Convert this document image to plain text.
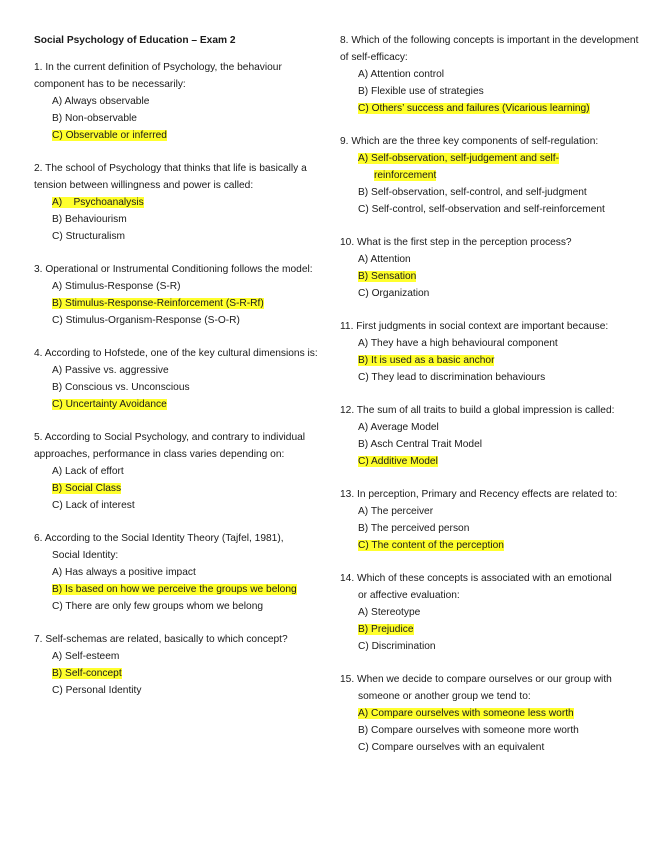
Social Psychology of Education – Exam 2
1. In the current definition of Psychology, the behaviour component has to be necessarily:
A) Always observable
B) Non-observable
C) Observable or inferred
2. The school of Psychology that thinks that life is basically a tension between willingness and power is called:
A)    Psychoanalysis
B) Behaviourism
C) Structuralism
3. Operational or Instrumental Conditioning follows the model:
A) Stimulus-Response (S-R)
B) Stimulus-Response-Reinforcement (S-R-Rf)
C) Stimulus-Organism-Response (S-O-R)
4. According to Hofstede, one of the key cultural dimensions is:
A) Passive vs. aggressive
B) Conscious vs. Unconscious
C) Uncertainty Avoidance
5. According to Social Psychology, and contrary to individual approaches, performance in class varies depending on:
A) Lack of effort
B) Social Class
C) Lack of interest
6. According to the Social Identity Theory (Tajfel, 1981),
Social Identity:
A) Has always a positive impact
B) Is based on how we perceive the groups we belong
C) There are only few groups whom we belong
7. Self-schemas are related, basically to which concept?
A) Self-esteem
B) Self-concept
C) Personal Identity
8. Which of the following concepts is important in the development of self-efficacy:
A) Attention control
B) Flexible use of strategies
C) Others’ success and failures (Vicarious learning)
9. Which are the three key components of self-regulation:
A) Self-observation, self-judgement and self-
reinforcement
B) Self-observation, self-control, and self-judgment
C) Self-control, self-observation and self-reinforcement
10. What is the first step in the perception process?
A) Attention
B) Sensation
C) Organization
11. First judgments in social context are important because:
A) They have a high behavioural component
B) It is used as a basic anchor
C) They lead to discrimination behaviours
12. The sum of all traits to build a global impression is called:
A) Average Model
B) Asch Central Trait Model
C) Additive Model
13. In perception, Primary and Recency effects are related to:
A) The perceiver
B) The perceived person
C) The content of the perception
14. Which of these concepts is associated with an emotional
or affective evaluation:
A) Stereotype
B) Prejudice
C) Discrimination
15. When we decide to compare ourselves or our group with
someone or another group we tend to:
A) Compare ourselves with someone less worth
B) Compare ourselves with someone more worth
C) Compare ourselves with an equivalent
